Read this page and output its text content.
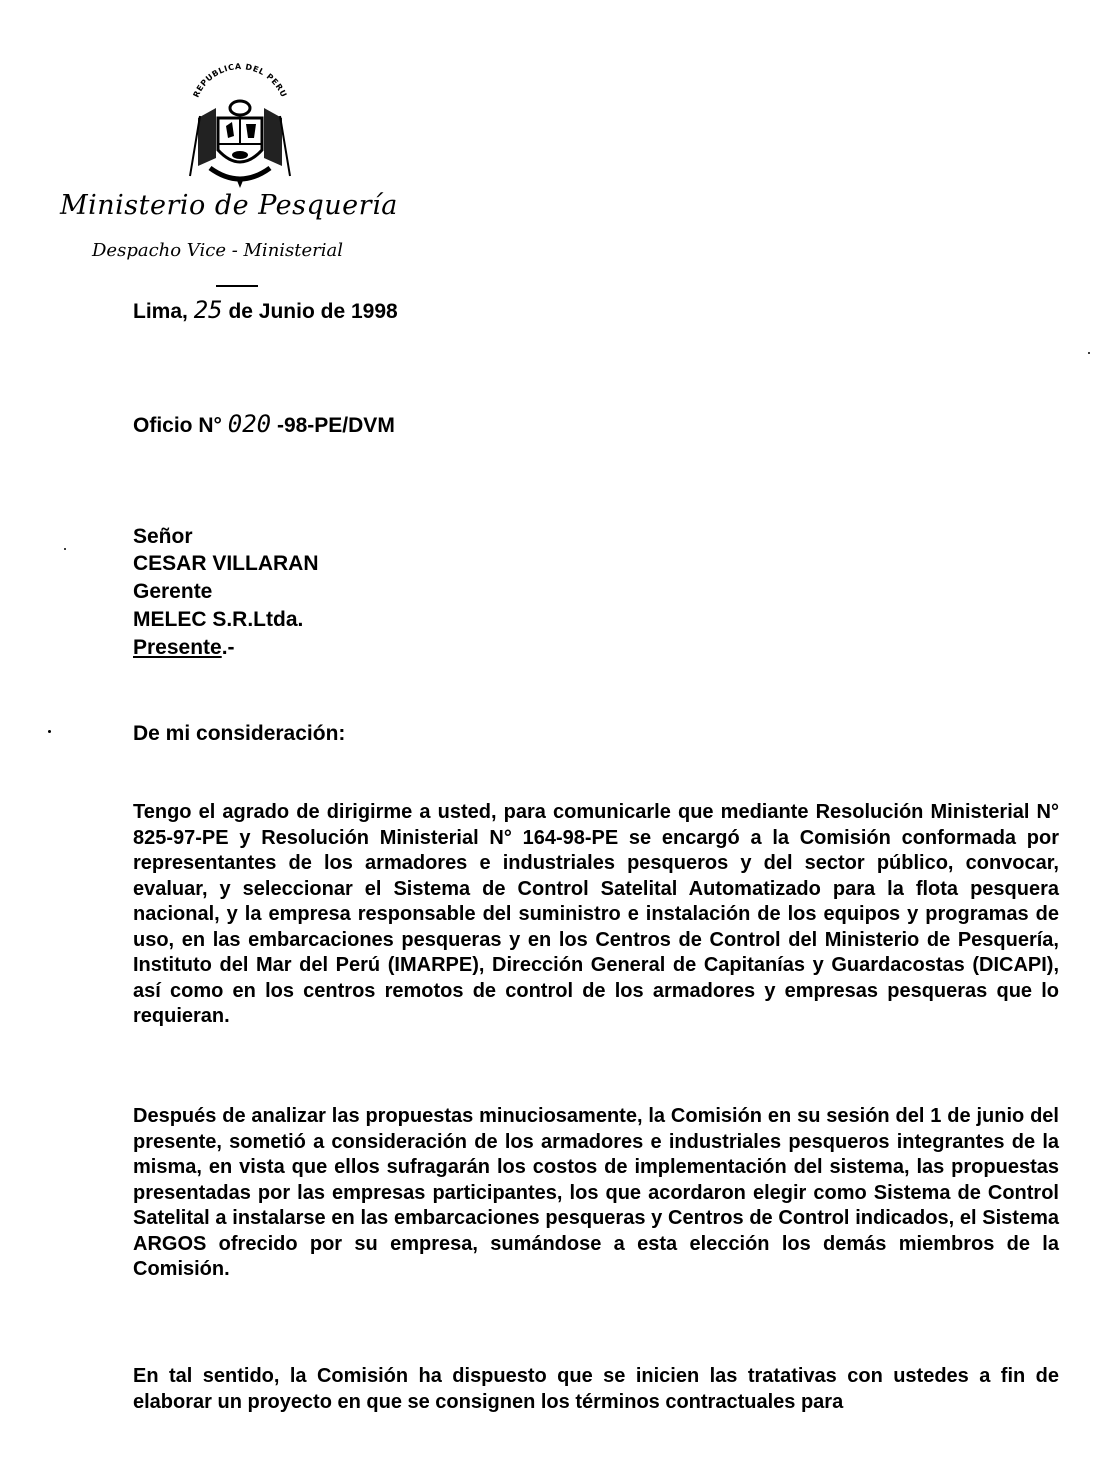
REPUBLICA DEL PERU
Ministerio de Pesquería
Despacho Vice - Ministerial
Lima, 25 de Junio de 1998
Oficio N° 020 -98-PE/DVM
Señor
CESAR VILLARAN
Gerente
MELEC S.R.Ltda.
Presente.-
De mi consideración:

Tengo el agrado de dirigirme a usted, para comunicarle que mediante Resolución Ministerial N° 825-97-PE y Resolución Ministerial N° 164-98-PE se encargó a la Comisión conformada por representantes de los armadores e industriales pesqueros y del sector público, convocar, evaluar, y seleccionar el Sistema de Control Satelital Automatizado para la flota pesquera nacional, y la empresa responsable del suministro e instalación de los equipos y programas de uso, en las embarcaciones pesqueras y en los Centros de Control del Ministerio de Pesquería, Instituto del Mar del Perú (IMARPE), Dirección General de Capitanías y Guardacostas (DICAPI), así como en los centros remotos de control de los armadores y empresas pesqueras que lo requieran.

Después de analizar las propuestas minuciosamente, la Comisión en su sesión del 1 de junio del presente, sometió a consideración de los armadores e industriales pesqueros integrantes de la misma, en vista que ellos sufragarán los costos de implementación del sistema, las propuestas presentadas por las empresas participantes, los que acordaron elegir como Sistema de Control Satelital a instalarse en las embarcaciones pesqueras y Centros de Control indicados, el Sistema ARGOS ofrecido por su empresa, sumándose a esta elección los demás miembros de la Comisión.

En tal sentido, la Comisión ha dispuesto que se inicien las tratativas con ustedes a fin de elaborar un proyecto en que se consignen los términos contractuales para
